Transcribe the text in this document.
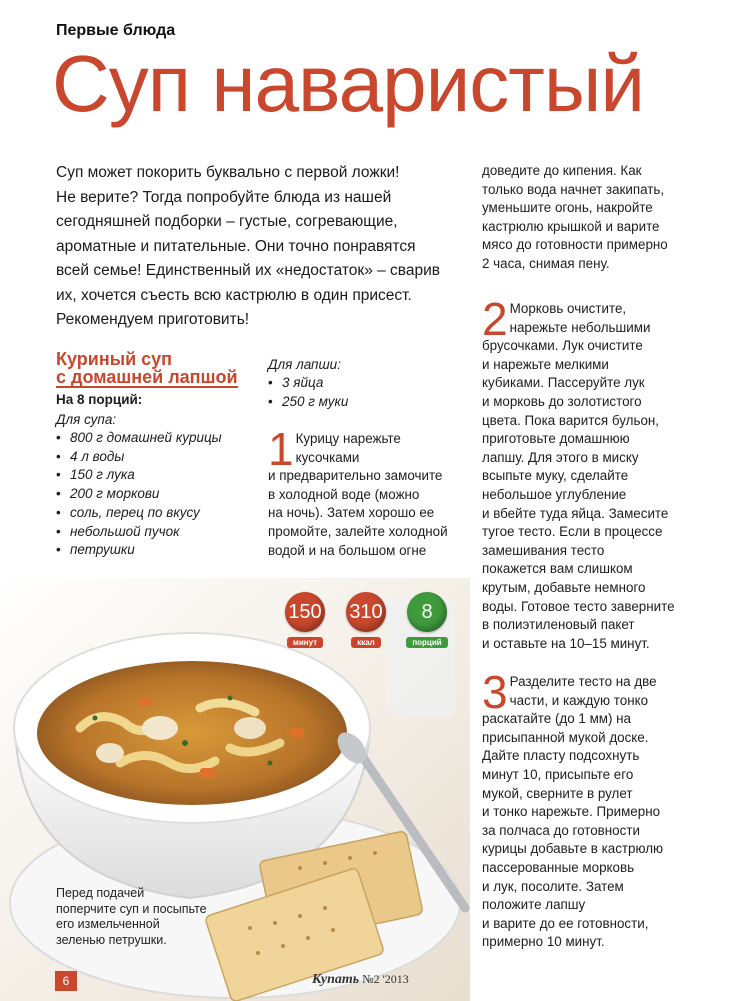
Первые блюда
Суп наваристый

Суп может покорить буквально с первой ложки!

Не верите? Тогда попробуйте блюда из нашей

сегодняшней подборки – густые, согревающие,

ароматные и питательные. Они точно понравятся

всей семье! Единственный их «недостаток» – сварив

их, хочется съесть всю кастрюлю в один присест.

Рекомендуем приготовить!

Куриный суп
с домашней лапшой
На 8 порций:
Для супа:
• 800 г домашней курицы
• 4 л воды
• 150 г лука
• 200 г моркови
• соль, перец по вкусу
• небольшой пучок
• петрушки
Для лапши:
• 3 яйца
• 250 г муки
1 Курицу нарежьте

кусочками

и предварительно замочите

в холодной воде (можно

на ночь). Затем хорошо ее

промойте, залейте холодной

водой и на большом огне

доведите до кипения. Как

только вода начнет закипать,

уменьшите огонь, накройте

кастрюлю крышкой и варите

мясо до готовности примерно

2 часа, снимая пену.

2 Морковь очистите,

нарежьте небольшими

брусочками. Лук очистите

и нарежьте мелкими

кубиками. Пассеруйте лук

и морковь до золотистого

цвета. Пока варится бульон,

приготовьте домашнюю

лапшу. Для этого в миску

всыпьте муку, сделайте

небольшое углубление

и вбейте туда яйца. Замесите

тугое тесто. Если в процессе

замешивания тесто

покажется вам слишком

крутым, добавьте немного

воды. Готовое тесто заверните

в полиэтиленовый пакет

и оставьте на 10–15 минут.

3 Разделите тесто на две

части, и каждую тонко

раскатайте (до 1 мм) на

присыпанной мукой доске.

Дайте пласту подсохнуть

минут 10, присыпьте его

мукой, сверните в рулет

и тонко нарежьте. Примерно

за полчаса до готовности

курицы добавьте в кастрюлю

пассерованные морковь

и лук, посолите. Затем

положите лапшу

и варите до ее готовности,

примерно 10 минут.

150
минут
310
ккал
8
порций
Перед подачей
поперчите суп и посыпьте
его измельченной
зеленью петрушки.
6	Купать №2 '2013
